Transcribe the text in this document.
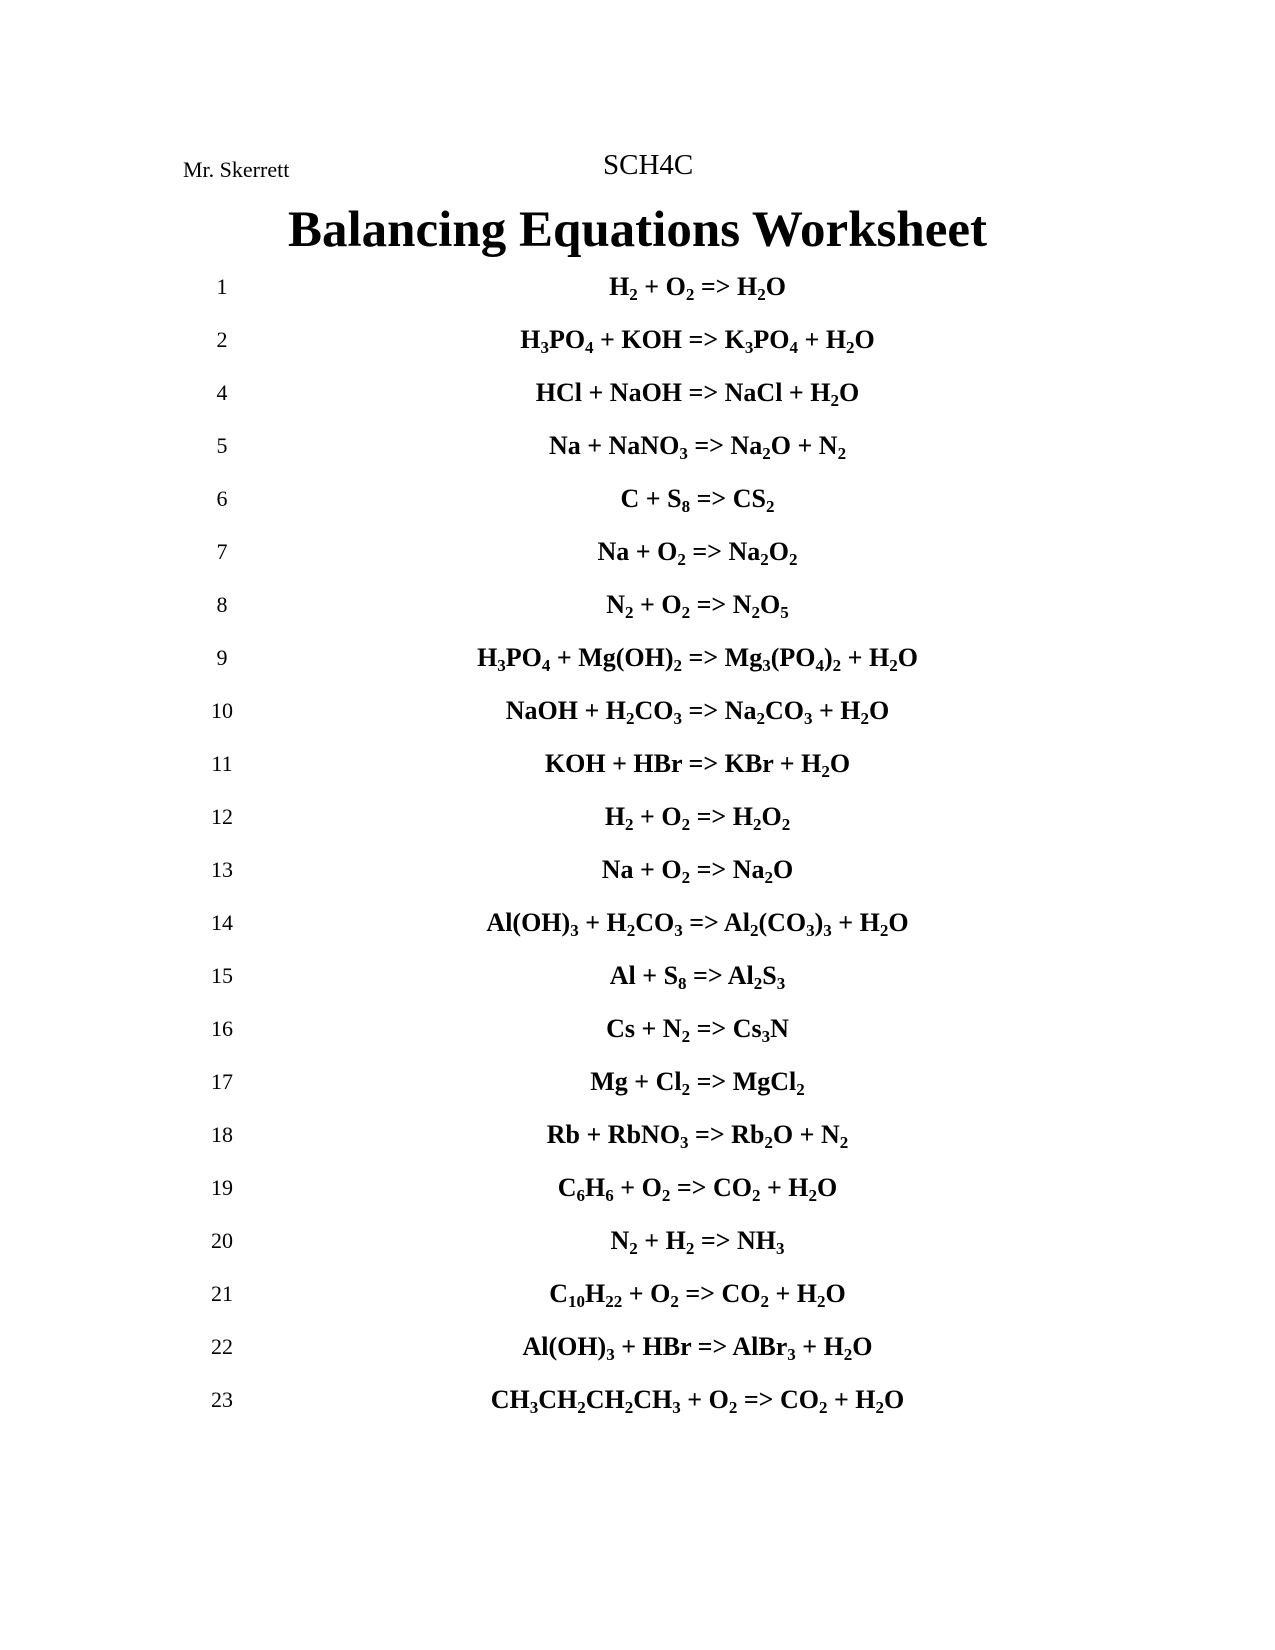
Mr. Skerrett	SCH4C
Balancing Equations Worksheet
1	$H_2 + O_2 => H_2O$
2	$H_3PO_4$ + KOH => $K_3PO_4 + H_2O$
4	HCl + NaOH => NaCl + $H_2O$
5	Na + NaNO$_3$ => $Na_2O + N_2$
6	$C + S_8 => CS_2$
7	$Na + O_2 => Na_2O_2$
8	$N_2 + O_2 => N_2O_5$
9	$H_3PO_4 + Mg(OH)_2 => Mg_3(PO_4)_2 + H_2O$
10	NaOH + $H_2CO_3 => Na_2CO_3 + H_2O$
11	KOH + HBr => KBr + $H_2O$
12	$H_2 + O_2 => H_2O_2$
13	$Na + O_2 => Na_2O$
14	$Al(OH)_3 + H_2CO_3 => Al_2(CO_3)_3 + H_2O$
15	$Al + S_8 => Al_2S_3$
16	$Cs + N_2 => Cs_3N$
17	$Mg + Cl_2$ => MgCl$_2$
18	Rb + RbNO$_3$ => $Rb_2O + N_2$
19	$C_6H_6 + O_2 => CO_2 + H_2O$
20	$N_2 + H_2 => NH_3$
21	$C_{10}H_{22} + O_2 => CO_2 + H_2O$
22	$Al(OH)_3$ + HBr => AlBr$_3$ + $H_2O$
23	$CH_3CH_2CH_2CH_3 + O_2 => CO_2 + H_2O$
